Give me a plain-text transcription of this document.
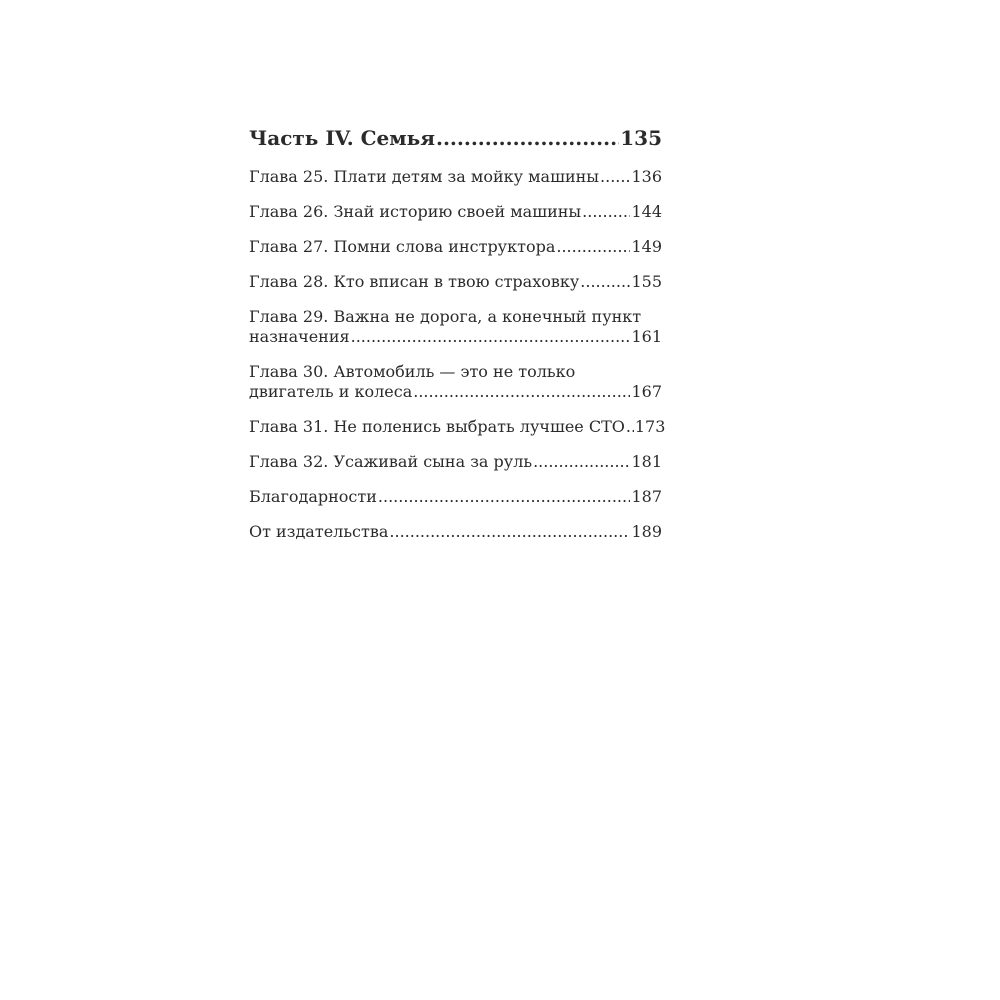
Часть IV. Семья .....	135
Глава 25. Плати детям за мойку машины ..... 136
Глава 26. Знай историю своей машины .....	144
Глава 27. Помни слова инструктора .....	149
Глава 28. Кто вписан в твою страховку .....	155
Глава 29. Важна не дорога, а конечный пункт
назначения .....	161
Глава 30. Автомобиль — это не только
двигатель и колеса .....	167
Глава 31. Не поленись выбрать лучшее СТО ..... 173
Глава 32. Усаживай сына за руль .....	181
Благодарности .....	187
От издательства .....	189
